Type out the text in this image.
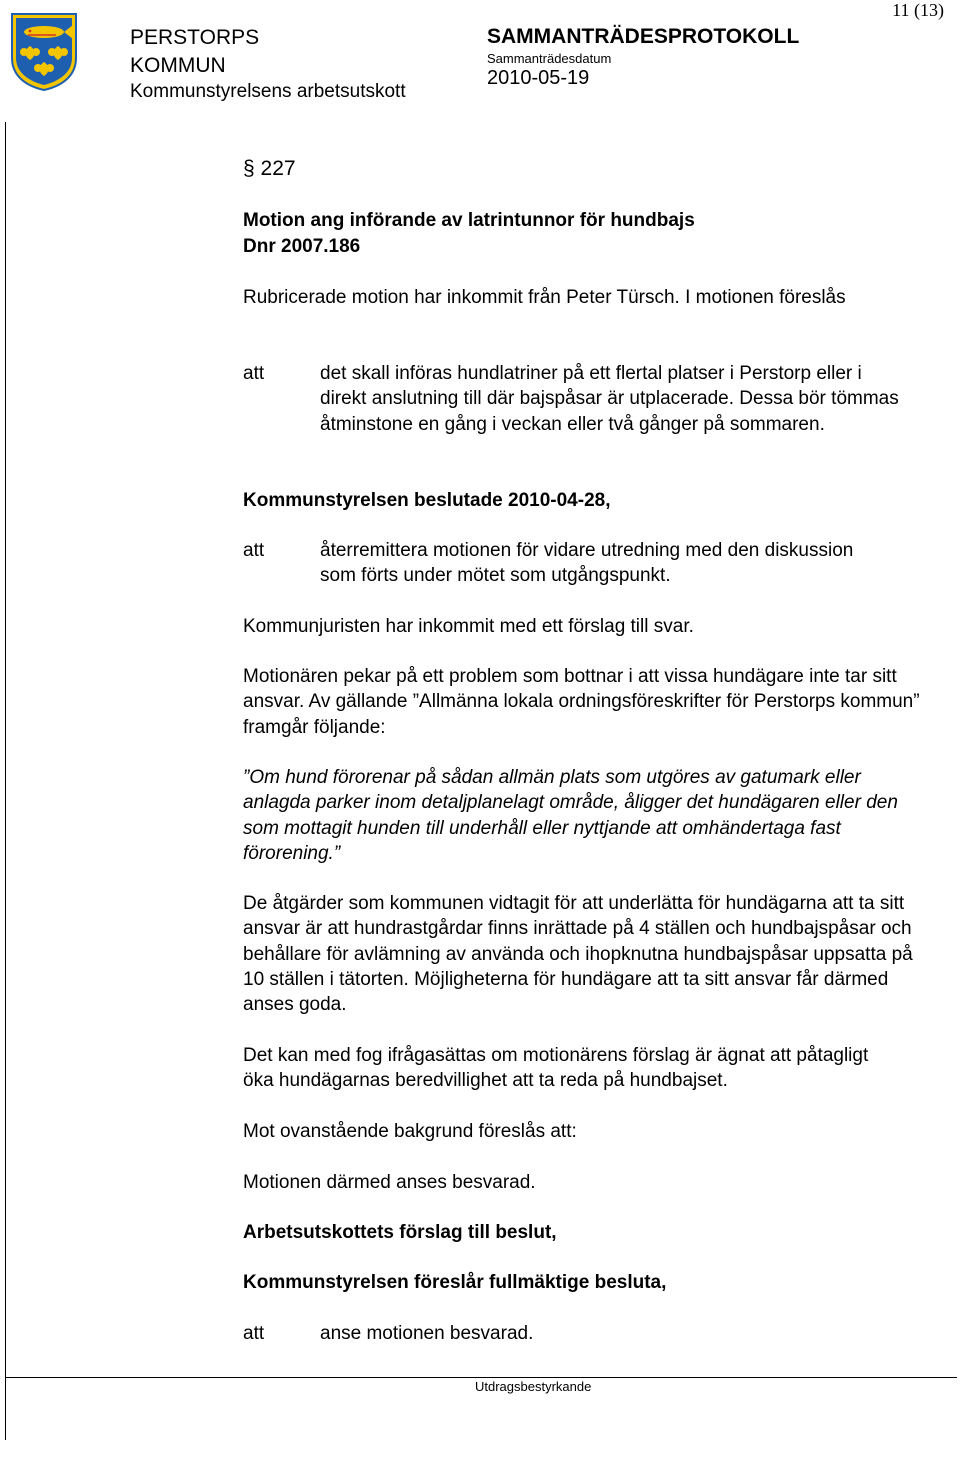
PERSTORPS
KOMMUN
Kommunstyrelsens arbetsutskott
SAMMANTRÄDESPROTOKOLL
Sammanträdesdatum
2010-05-19
11 (13)
Utdragsbestyrkande
§ 227
Motion ang införande av latrintunnor för hundbajs
Dnr 2007.186
Rubricerade motion har inkommit från Peter Türsch. I motionen föreslås
att	det skall införas hundlatriner på ett flertal platser i Perstorp eller i direkt anslutning till där bajspåsar är utplacerade. Dessa bör tömmas åtminstone en gång i veckan eller två gånger på sommaren.
Kommunstyrelsen beslutade 2010-04-28,
att	återremittera motionen för vidare utredning med den diskussion som förts under mötet som utgångspunkt.
Kommunjuristen har inkommit med ett förslag till svar.
Motionären pekar på ett problem som bottnar i att vissa hundägare inte tar sitt ansvar. Av gällande ”Allmänna lokala ordningsföreskrifter för Perstorps kommun” framgår följande:
”Om hund förorenar på sådan allmän plats som utgöres av gatumark eller anlagda parker inom detaljplanelagt område, åligger det hundägaren eller den som mottagit hunden till underhåll eller nyttjande att omhändertaga fast förorening.”
De åtgärder som kommunen vidtagit för att underlätta för hundägarna att ta sitt ansvar är att hundrastgårdar finns inrättade på 4 ställen och hundbajspåsar och behållare för avlämning av använda och ihopknutna hundbajspåsar uppsatta på 10 ställen i tätorten. Möjligheterna för hundägare att ta sitt ansvar får därmed anses goda.
Det kan med fog ifrågasättas om motionärens förslag är ägnat att påtagligt öka hundägarnas beredvillighet att ta reda på hundbajset.
Mot ovanstående bakgrund föreslås att:
Motionen därmed anses besvarad.
Arbetsutskottets förslag till beslut,
Kommunstyrelsen föreslår fullmäktige besluta,
att	anse motionen besvarad.
